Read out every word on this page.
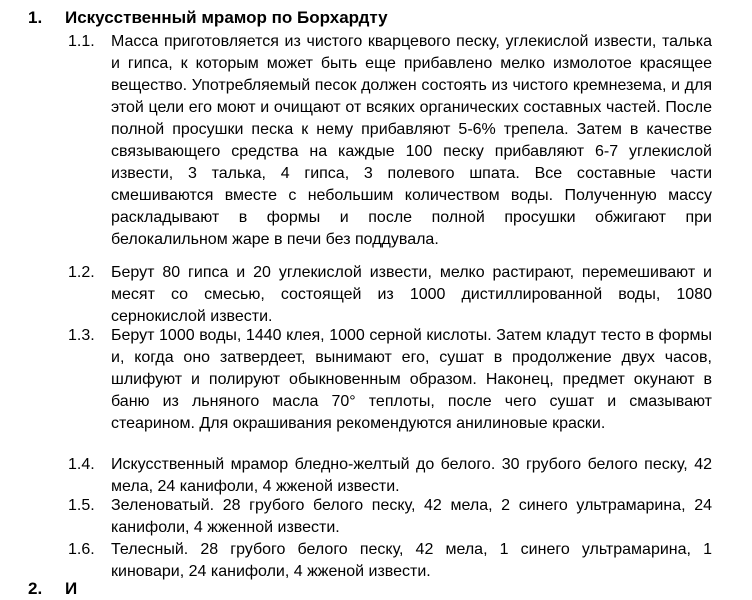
1. Искусственный мрамор по Борхардту
1.1. Масса приготовляется из чистого кварцевого песку, углекислой извести, талька и гипса, к которым может быть еще прибавлено мелко измолотое красящее вещество. Употребляемый песок должен состоять из чистого кремнезема, и для этой цели его моют и очищают от всяких органических составных частей. После полной просушки песка к нему прибавляют 5-6% трепела. Затем в качестве связывающего средства на каждые 100 песку прибавляют 6-7 углекислой извести, 3 талька, 4 гипса, 3 полевого шпата. Все составные части смешиваются вместе с небольшим количеством воды. Полученную массу раскладывают в формы и после полной просушки обжигают при белокалильном жаре в печи без поддувала.
1.2. Берут 80 гипса и 20 углекислой извести, мелко растирают, перемешивают и месят со смесью, состоящей из 1000 дистиллированной воды, 1080 сернокислой извести.
1.3. Берут 1000 воды, 1440 клея, 1000 серной кислоты. Затем кладут тесто в формы и, когда оно затвердеет, вынимают его, сушат в продолжение двух часов, шлифуют и полируют обыкновенным образом. Наконец, предмет окунают в баню из льняного масла 70° теплоты, после чего сушат и смазывают стеарином. Для окрашивания рекомендуются анилиновые краски.
1.4. Искусственный мрамор бледно-желтый до белого. 30 грубого белого песку, 42 мела, 24 канифоли, 4 жженой извести.
1.5. Зеленоватый. 28 грубого белого песку, 42 мела, 2 синего ультрамарина, 24 канифоли, 4 жженной извести.
1.6. Телесный. 28 грубого белого песку, 42 мела, 1 синего ультрамарина, 1 киновари, 24 канифоли, 4 жженой извести.
2. И
